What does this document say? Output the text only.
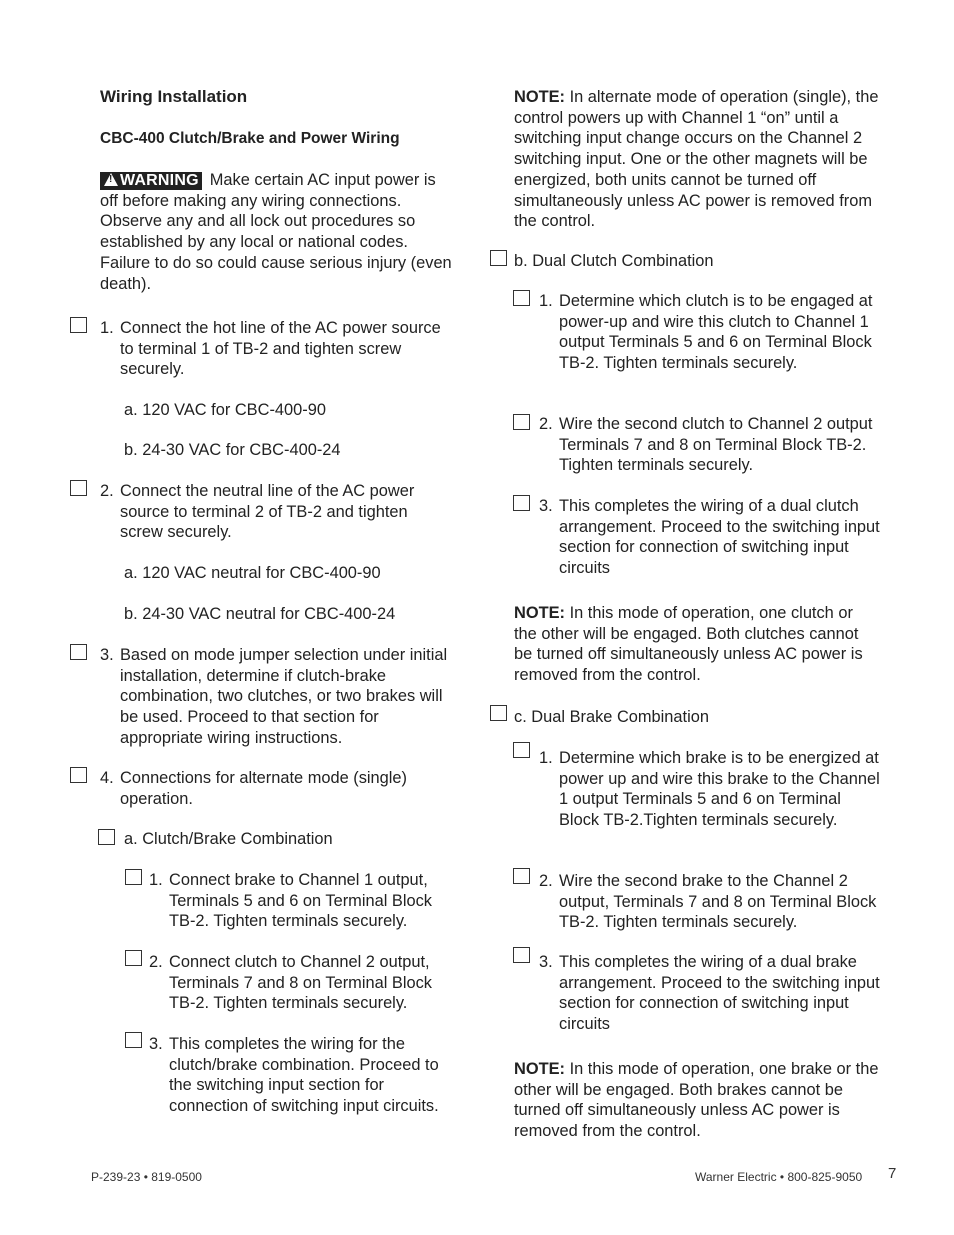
Wiring Installation
CBC-400 Clutch/Brake and Power Wiring
!WARNING Make certain AC input power is off before making any wiring connections. Observe any and all lock out procedures so established by any local or national codes. Failure to do so could cause serious injury (even death).
1. Connect the hot line of the AC power source to terminal 1 of TB-2 and tighten screw securely.
a. 120 VAC for CBC-400-90
b. 24-30 VAC for CBC-400-24
2. Connect the neutral line of the AC power source to terminal 2 of TB-2 and tighten screw securely.
a. 120 VAC neutral for CBC-400-90
b. 24-30 VAC neutral for CBC-400-24
3. Based on mode jumper selection under initial installation, determine if clutch-brake combination, two clutches, or two brakes will be used. Proceed to that section for appropriate wiring instructions.
4. Connections for alternate mode (single) operation.
a. Clutch/Brake Combination
1. Connect brake to Channel 1 output, Terminals 5 and 6 on Terminal Block TB-2. Tighten terminals securely.
2. Connect clutch to Channel 2 output, Terminals 7 and 8 on Terminal Block TB-2. Tighten terminals securely.
3. This completes the wiring for the clutch/brake combination. Proceed to the switching input section for connection of switching input circuits.
NOTE: In alternate mode of operation (single), the control powers up with Channel 1 “on” until a switching input change occurs on the Channel 2 switching input. One or the other magnets will be energized, both units cannot be turned off simultaneously unless AC power is removed from the control.
b. Dual Clutch Combination
1. Determine which clutch is to be engaged at power-up and wire this clutch to Channel 1 output Terminals 5 and 6 on Terminal Block TB-2. Tighten terminals securely.
2. Wire the second clutch to Channel 2 output Terminals 7 and 8 on Terminal Block TB-2. Tighten terminals securely.
3. This completes the wiring of a dual clutch arrangement. Proceed to the switching input section for connection of switching input circuits
NOTE: In this mode of operation, one clutch or the other will be engaged. Both clutches cannot be turned off simultaneously unless AC power is removed from the control.
c. Dual Brake Combination
1. Determine which brake is to be energized at power up and wire this brake to the Channel 1 output Terminals 5 and 6 on Terminal Block TB-2.Tighten terminals securely.
2. Wire the second brake to the Channel 2 output, Terminals 7 and 8 on Terminal Block TB-2. Tighten terminals securely.
3. This completes the wiring of a dual brake arrangement. Proceed to the switching input section for connection of switching input circuits
NOTE: In this mode of operation, one brake or the other will be engaged. Both brakes cannot be turned off simultaneously unless AC power is removed from the control.
P-239-23 • 819-0500	Warner Electric • 800-825-9050 7
